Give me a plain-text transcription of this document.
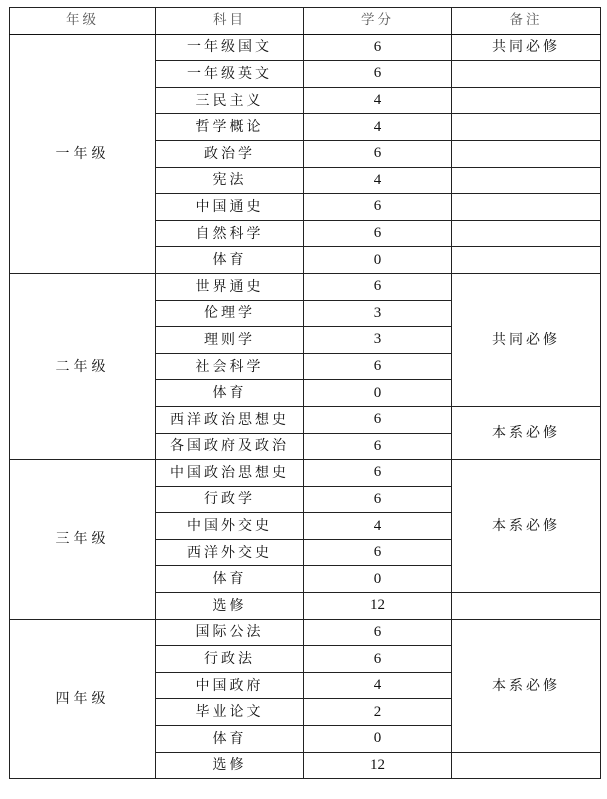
年级	科目	学分	备注
一年级	一年级国文	6	共同必修
	一年级英文	6	
	三民主义	4	
	哲学概论	4	
	政治学	6	
	宪法	4	
	中国通史	6	
	自然科学	6	
	体育	0	
二年级	世界通史	6	共同必修
	伦理学	3	
	理则学	3	
	社会科学	6	
	体育	0	
	西洋政治思想史	6	本系必修
	各国政府及政治	6	
三年级	中国政治思想史	6	本系必修
	行政学	6	
	中国外交史	4	
	西洋外交史	6	
	体育	0	
	选修	12	
四年级	国际公法	6	本系必修
	行政法	6	
	中国政府	4	
	毕业论文	2	
	体育	0	
	选修	12	
